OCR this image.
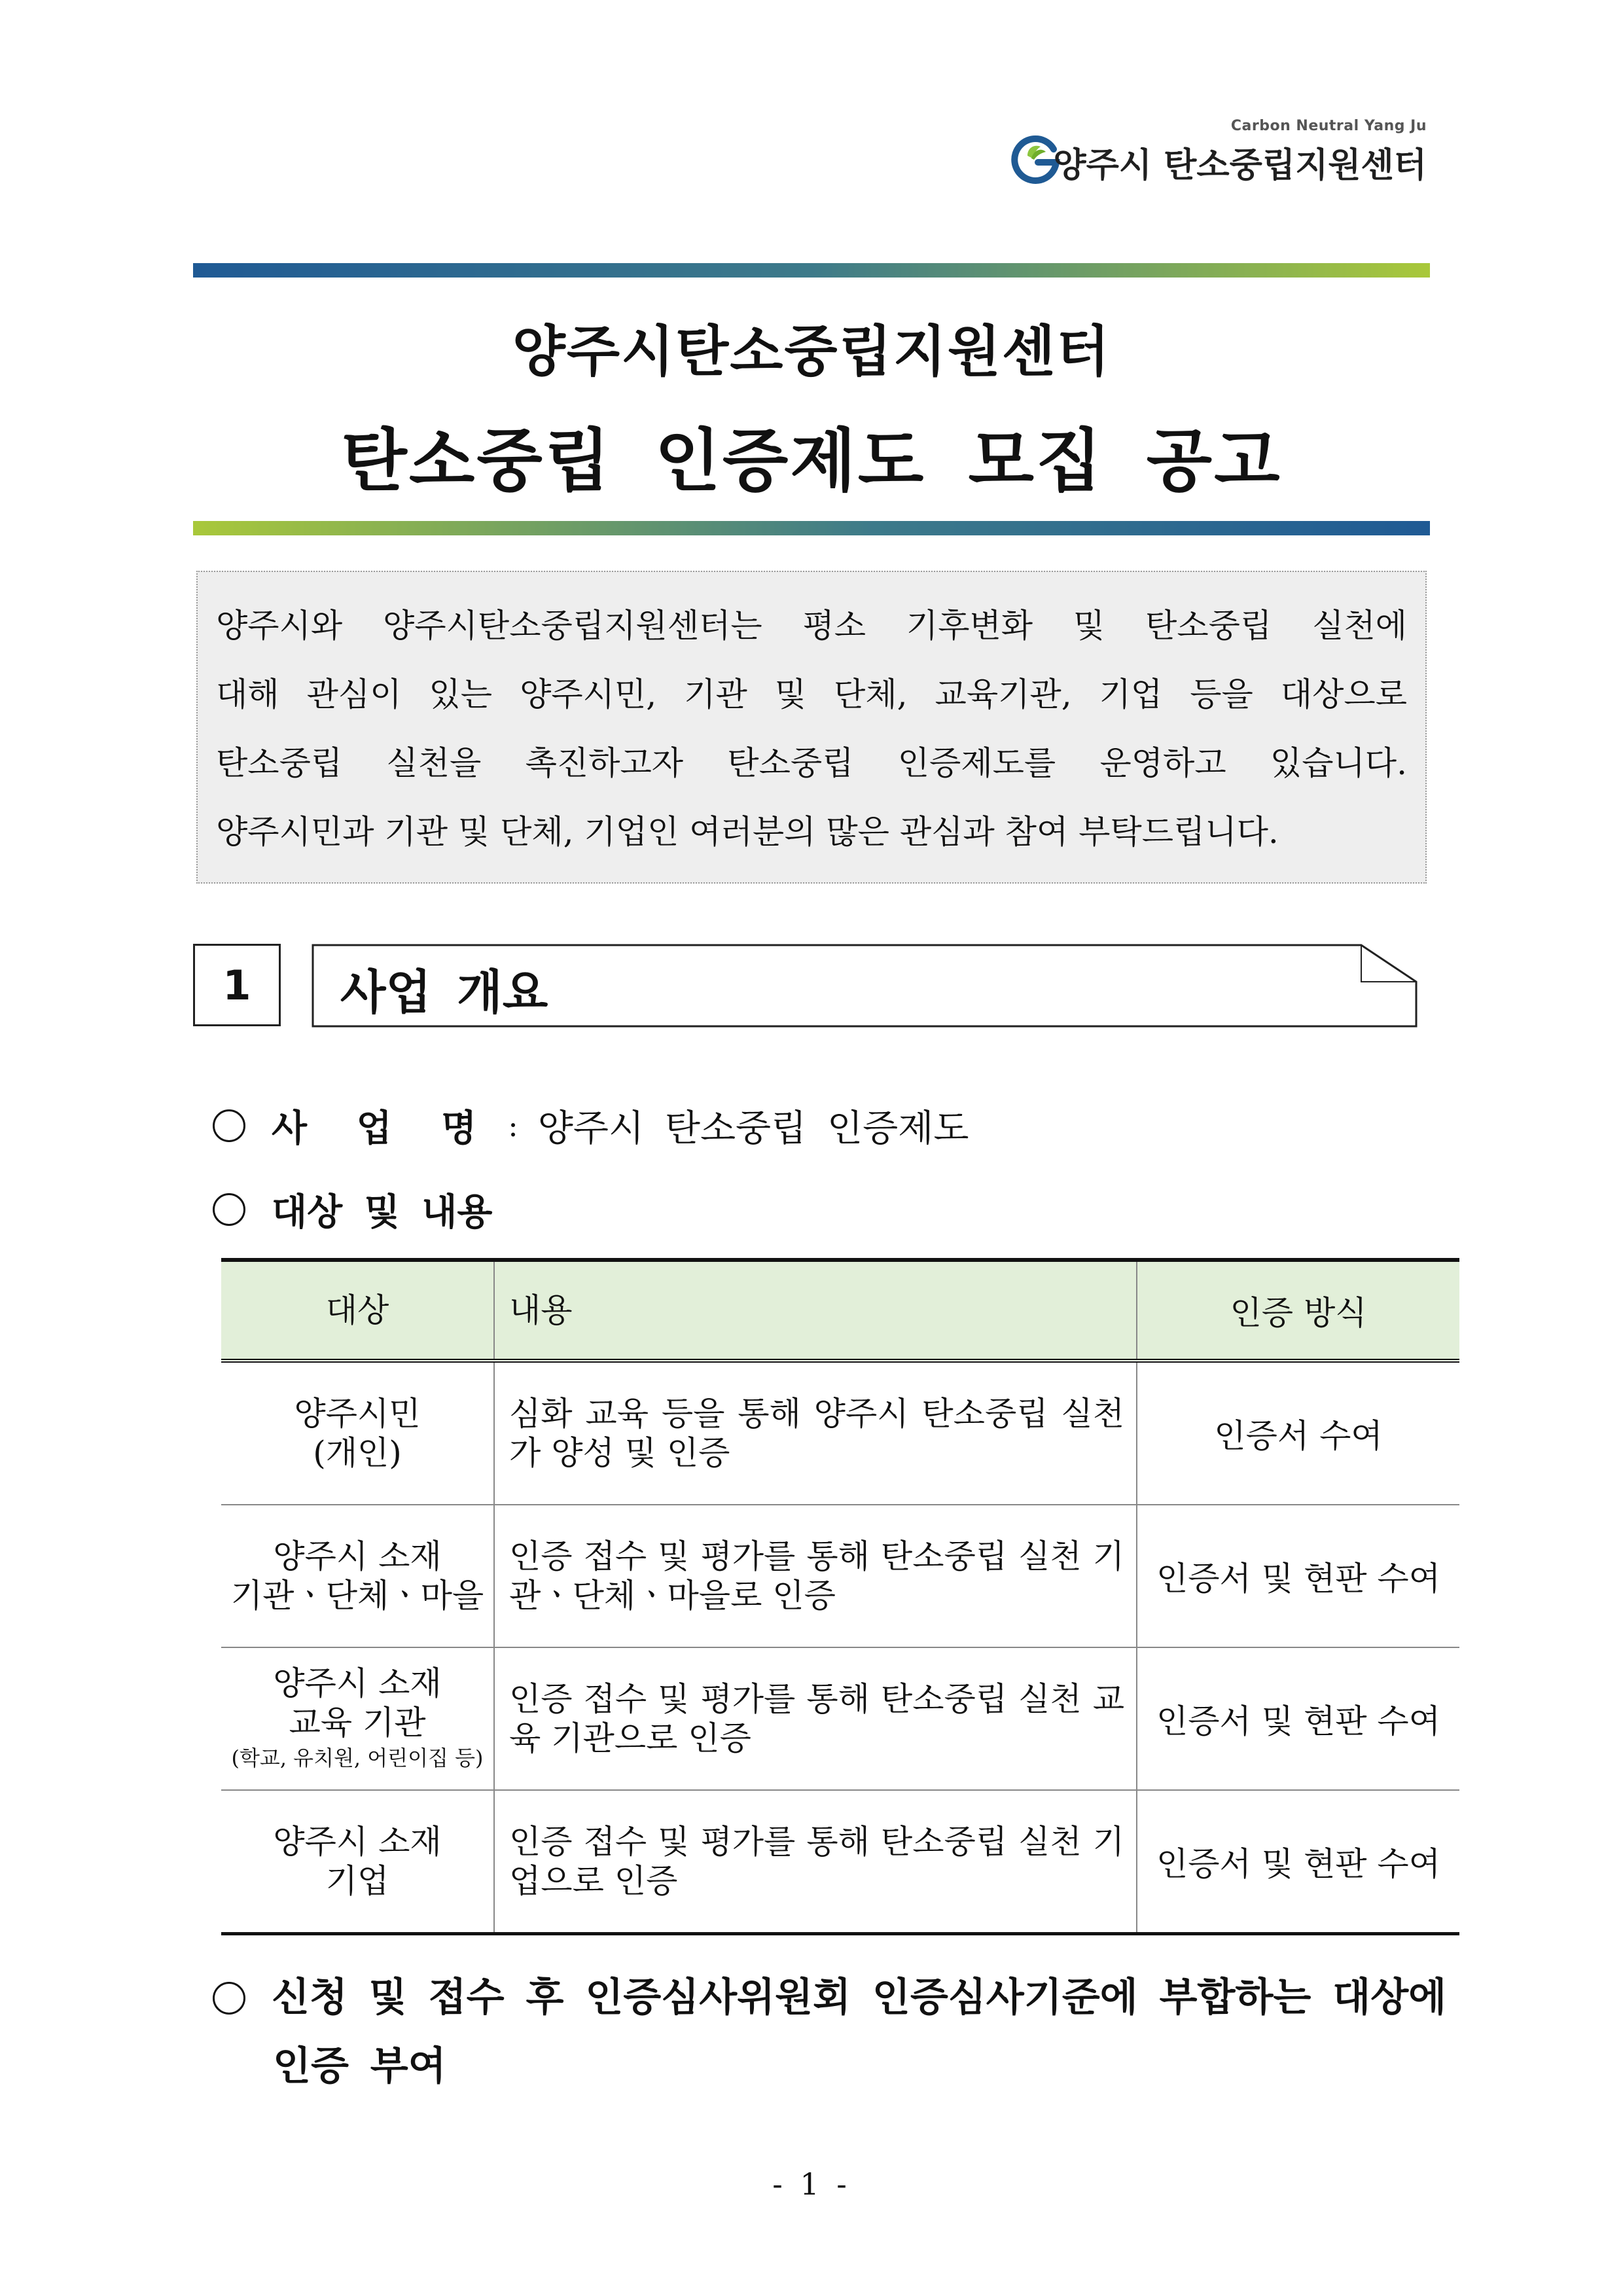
Carbon Neutral Yang Ju
양주시 탄소중립지원센터
양주시탄소중립지원센터
탄소중립 인증제도 모집 공고

양주시와 양주시탄소중립지원센터는 평소 기후변화 및 탄소중립 실천에

대해 관심이 있는 양주시민, 기관 및 단체, 교육기관, 기업 등을 대상으로

탄소중립 실천을 촉진하고자 탄소중립 인증제도를 운영하고 있습니다.

양주시민과 기관 및 단체, 기업인 여러분의 많은 관심과 참여 부탁드립니다.

1	사업 개요
사 업 명 : 양주시 탄소중립 인증제도
대상 및 내용
대상	내용	인증 방식
양주시민
(개인)	심화 교육 등을 통해 양주시 탄소중립 실천가 양성 및 인증	인증서 수여
양주시 소재
기관ㆍ단체ㆍ마을	인증 접수 및 평가를 통해 탄소중립 실천 기관ㆍ단체ㆍ마을로 인증	인증서 및 현판 수여
양주시 소재
교육 기관
(학교, 유치원, 어린이집 등)	인증 접수 및 평가를 통해 탄소중립 실천 교육 기관으로 인증	인증서 및 현판 수여
양주시 소재
기업	인증 접수 및 평가를 통해 탄소중립 실천 기업으로 인증	인증서 및 현판 수여
신청 및 접수 후 인증심사위원회 인증심사기준에 부합하는 대상에
인증 부여
- 1 -
